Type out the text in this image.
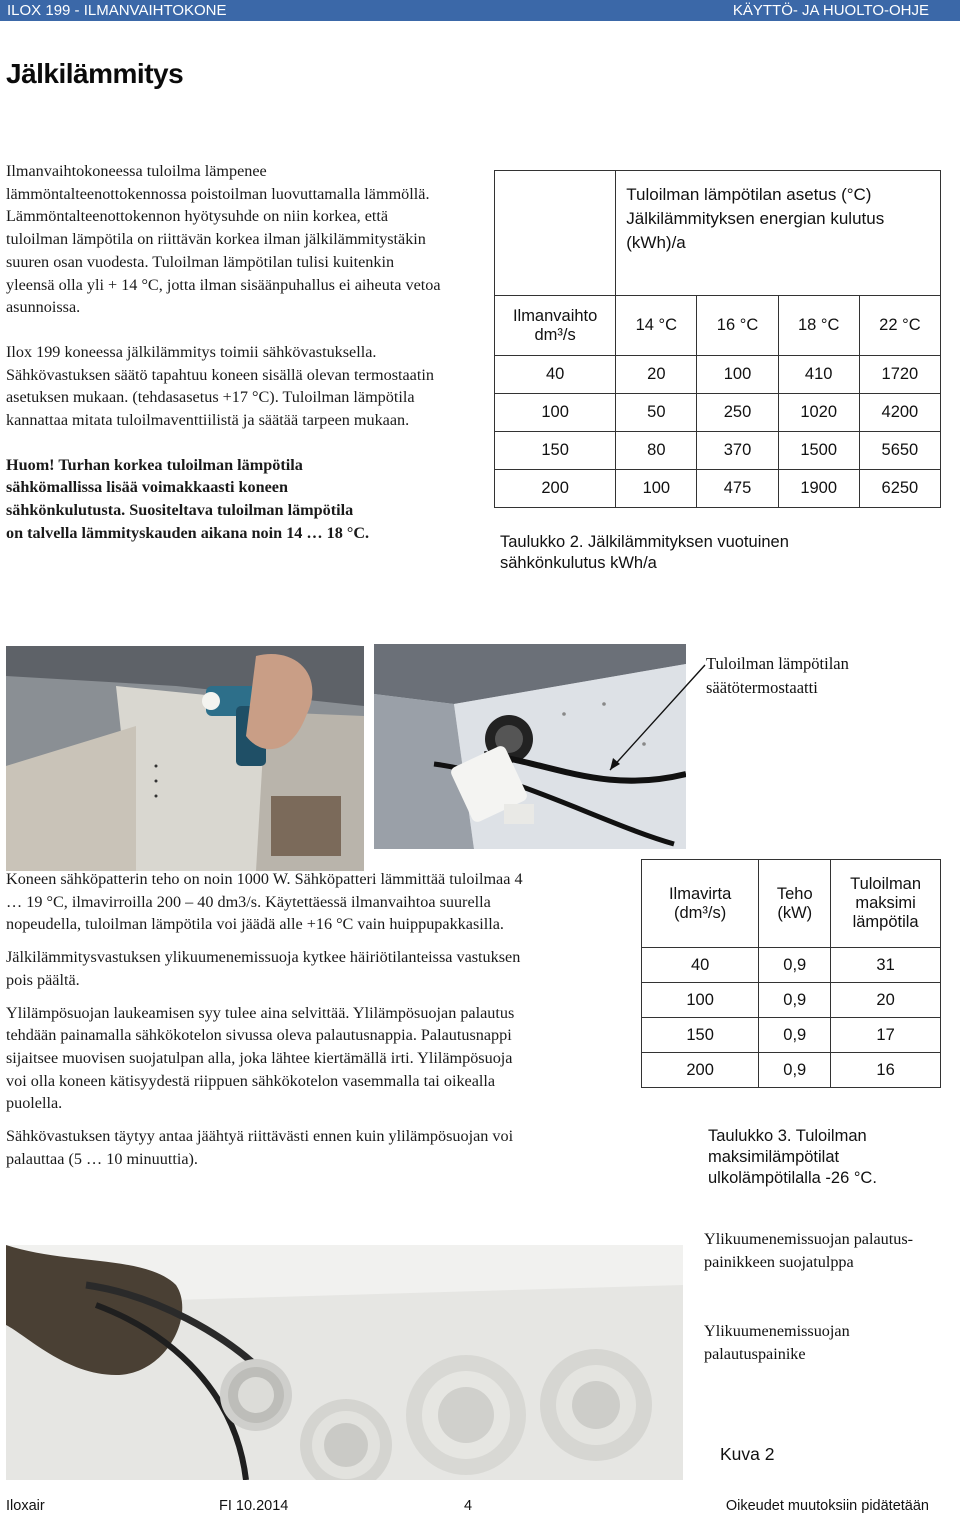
ILOX 199 - ILMANVAIHTOKONE	KÄYTTÖ- JA HUOLTO-OHJE
Jälkilämmitys

Ilmanvaihtokoneessa tuloilma lämpenee lämmöntalteenottokennossa poistoilman luovuttamalla lämmöllä. Lämmöntalteenottokennon hyötysuhde on niin korkea, että tuloilman lämpötila on riittävän korkea ilman jälkilämmitystäkin suuren osan vuodesta. Tuloilman lämpötilan tulisi kuitenkin yleensä olla yli + 14 °C, jotta ilman sisäänpuhallus ei aiheuta vetoa asunnoissa.

Ilox 199 koneessa jälkilämmitys toimii sähkövastuksella. Sähkövastuksen säätö tapahtuu koneen sisällä olevan termostaatin asetuksen mukaan. (tehdasasetus +17 °C). Tuloilman lämpötila kannattaa mitata tuloilmaventtiilistä ja säätää tarpeen mukaan.

Huom! Turhan korkea tuloilman lämpötila sähkömallissa lisää voimakkaasti koneen sähkönkulutusta. Suositeltava tuloilman lämpötila on talvella lämmityskauden aikana noin 14 … 18 °C.

	Tuloilman lämpötilan asetus (°C) Jälkilämmityksen energian kulutus (kWh)/a			
Ilmanvaihto dm³/s	14 °C	16 °C	18 °C	22 °C
40	20	100	410	1720
100	50	250	1020	4200
150	80	370	1500	5650
200	100	475	1900	6250
Taulukko 2. Jälkilämmityksen vuotuinen sähkönkulutus kWh/a
Tuloilman lämpötilan säätötermostaatti

Koneen sähköpatterin teho on noin 1000 W. Sähköpatteri lämmittää tuloilmaa 4 … 19 °C, ilmavirroilla 200 – 40 dm3/s. Käytettäessä ilmanvaihtoa suurella nopeudella, tuloilman lämpötila voi jäädä alle +16 °C vain huippupakkasilla.

Jälkilämmitysvastuksen ylikuumenemissuoja kytkee häiriötilanteissa vastuksen pois päältä.

Ylilämpösuojan laukeamisen syy tulee aina selvittää. Ylilämpösuojan palautus tehdään painamalla sähkökotelon sivussa oleva palautusnappia. Palautusnappi sijaitsee muovisen suojatulpan alla, joka lähtee kiertämällä irti. Ylilämpösuoja voi olla koneen kätisyydestä riippuen sähkökotelon vasemmalla tai oikealla puolella.

Sähkövastuksen täytyy antaa jäähtyä riittävästi ennen kuin ylilämpösuojan voi palauttaa (5 … 10 minuuttia).

Ilmavirta (dm³/s)	Teho (kW)	Tuloilman maksimi lämpötila
40	0,9	31
100	0,9	20
150	0,9	17
200	0,9	16
Taulukko 3. Tuloilman maksimilämpötilat ulkolämpötilalla -26 °C.
Ylikuumenemissuojan palautus-painikkeen suojatulppa
Ylikuumenemissuojan palautuspainike
Kuva 2
Iloxair	FI 10.2014	4	Oikeudet muutoksiin pidätetään
